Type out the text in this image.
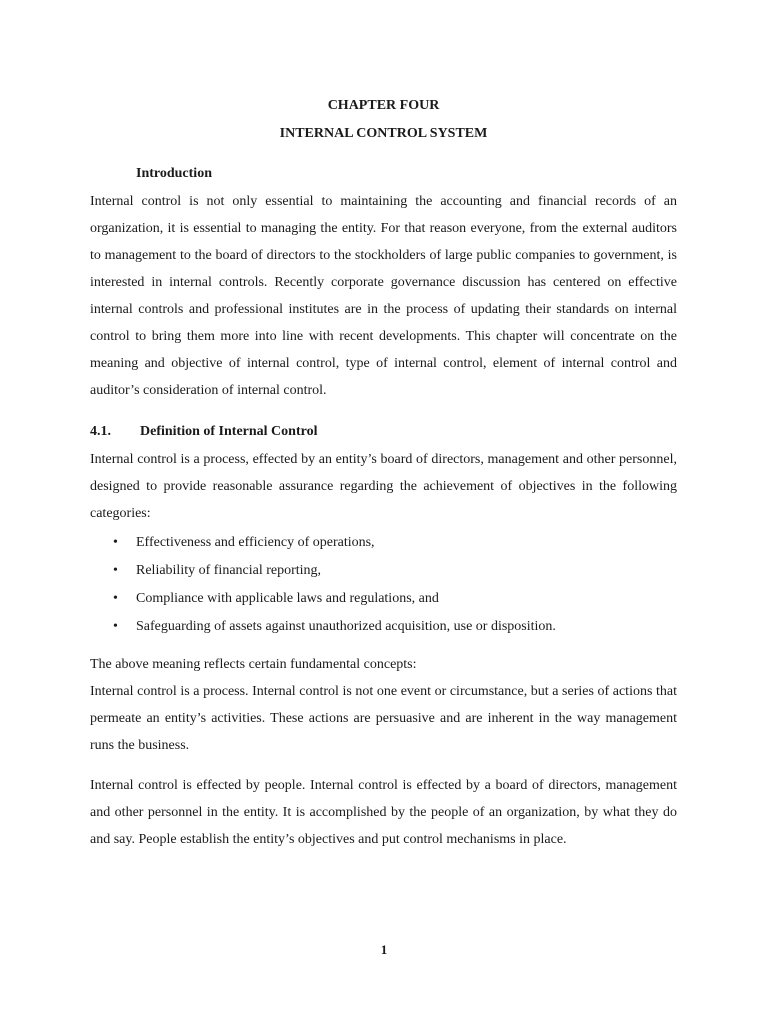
CHAPTER FOUR
INTERNAL CONTROL SYSTEM
Introduction

Internal control is not only essential to maintaining the accounting and financial records of an organization, it is essential to managing the entity. For that reason everyone, from the external auditors to management to the board of directors to the stockholders of large public companies to government, is interested in internal controls. Recently corporate governance discussion has centered on effective internal controls and professional institutes are in the process of updating their standards on internal control to bring them more into line with recent developments. This chapter will concentrate on the meaning and objective of internal control, type of internal control, element of internal control and auditor’s consideration of internal control.

4.1.	Definition of Internal Control

Internal control is a process, effected by an entity’s board of directors, management and other personnel, designed to provide reasonable assurance regarding the achievement of objectives in the following categories:

• Effectiveness and efficiency of operations,
• Reliability of financial reporting,
• Compliance with applicable laws and regulations, and
• Safeguarding of assets against unauthorized acquisition, use or disposition.

The above meaning reflects certain fundamental concepts:

Internal control is a process. Internal control is not one event or circumstance, but a series of actions that permeate an entity’s activities. These actions are persuasive and are inherent in the way management runs the business.

Internal control is effected by people. Internal control is effected by a board of directors, management and other personnel in the entity. It is accomplished by the people of an organization, by what they do and say. People establish the entity’s objectives and put control mechanisms in place.

1
